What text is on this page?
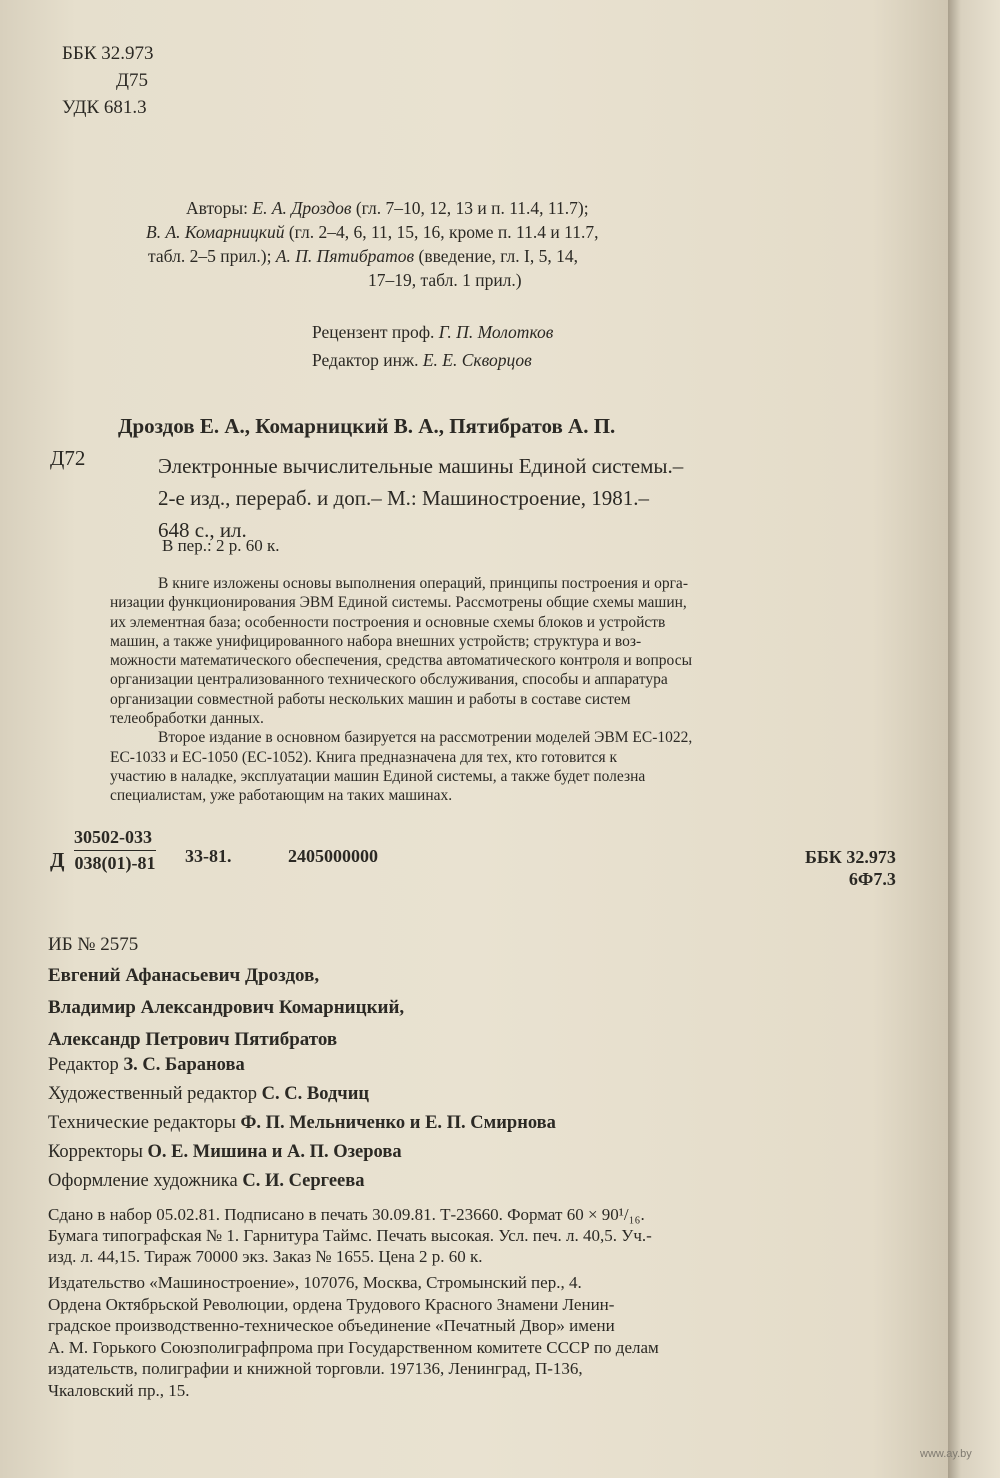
ББК 32.973
Д75
УДК 681.3
Авторы: Е. А. Дроздов (гл. 7–10, 12, 13 и п. 11.4, 11.7);
В. А. Комарницкий (гл. 2–4, 6, 11, 15, 16, кроме п. 11.4 и 11.7,
табл. 2–5 прил.); А. П. Пятибратов (введение, гл. I, 5, 14,
17–19, табл. 1 прил.)
Рецензент проф. Г. П. Молотков
Редактор инж. Е. Е. Скворцов
Дроздов Е. А., Комарницкий В. А., Пятибратов А. П.
Д72	Электронные вычислительные машины Единой системы.–
2-е изд., перераб. и доп.– М.: Машиностроение, 1981.–
648 с., ил.
В пер.: 2 р. 60 к.
В книге изложены основы выполнения операций, принципы построения и орга-
низации функционирования ЭВМ Единой системы. Рассмотрены общие схемы машин,
их элементная база; особенности построения и основные схемы блоков и устройств
машин, а также унифицированного набора внешних устройств; структура и воз-
можности математического обеспечения, средства автоматического контроля и вопросы
организации централизованного технического обслуживания, способы и аппаратура
организации совместной работы нескольких машин и работы в составе систем
телеобработки данных.
Второе издание в основном базируется на рассмотрении моделей ЭВМ ЕС-1022,
ЕС-1033 и ЕС-1050 (ЕС-1052). Книга предназначена для тех, кто готовится к
участию в наладке, эксплуатации машин Единой системы, а также будет полезна
специалистам, уже работающим на таких машинах.
Д $\frac{30502-033}{038(01)-81} 33-81$.	2405000000	ББК 32.973
6Ф7.3
ИБ № 2575
Евгений Афанасьевич Дроздов,
Владимир Александрович Комарницкий,
Александр Петрович Пятибратов
Редактор З. С. Баранова
Художественный редактор С. С. Водчиц
Технические редакторы Ф. П. Мельниченко и Е. П. Смирнова
Корректоры О. Е. Мишина и А. П. Озерова
Оформление художника С. И. Сергеева
Сдано в набор 05.02.81. Подписано в печать 30.09.81. Т-23660. Формат 60 × 90¹/₁₆.
Бумага типографская № 1. Гарнитура Таймс. Печать высокая. Усл. печ. л. 40,5. Уч.-
изд. л. 44,15. Тираж 70000 экз. Заказ № 1655. Цена 2 р. 60 к.
Издательство «Машиностроение», 107076, Москва, Стромынский пер., 4.
Ордена Октябрьской Революции, ордена Трудового Красного Знамени Ленин-
градское производственно-техническое объединение «Печатный Двор» имени
А. М. Горького Союзполиграфпрома при Государственном комитете СССР по делам
издательств, полиграфии и книжной торговли. 197136, Ленинград, П-136,
Чкаловский пр., 15.
www.ay.by
